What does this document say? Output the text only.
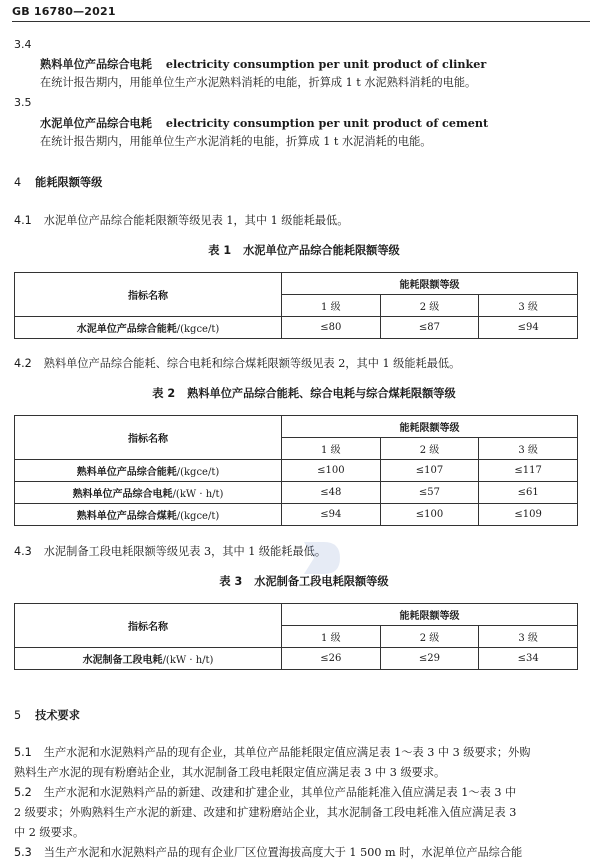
GB 16780—2021
3.4
熟料单位产品综合电耗 electricity consumption per unit product of clinker
在统计报告期内，用能单位生产水泥熟料消耗的电能，折算成 1 t 水泥熟料消耗的电能。
3.5
水泥单位产品综合电耗 electricity consumption per unit product of cement
在统计报告期内，用能单位生产水泥消耗的电能，折算成 1 t 水泥消耗的电能。
4 能耗限额等级
4.1 水泥单位产品综合能耗限额等级见表 1，其中 1 级能耗最低。
表 1 水泥单位产品综合能耗限额等级
指标名称	能耗限额等级		
	1 级	2 级	3 级
水泥单位产品综合能耗/(kgce/t)	≤80	≤87	≤94
4.2 熟料单位产品综合能耗、综合电耗和综合煤耗限额等级见表 2，其中 1 级能耗最低。
表 2 熟料单位产品综合能耗、综合电耗与综合煤耗限额等级
指标名称	能耗限额等级		
	1 级	2 级	3 级
熟料单位产品综合能耗/(kgce/t)	≤100	≤107	≤117
熟料单位产品综合电耗/(kW · h/t)	≤48	≤57	≤61
熟料单位产品综合煤耗/(kgce/t)	≤94	≤100	≤109
4.3 水泥制备工段电耗限额等级见表 3，其中 1 级能耗最低。
表 3 水泥制备工段电耗限额等级
指标名称	能耗限额等级		
	1 级	2 级	3 级
水泥制备工段电耗/(kW · h/t)	≤26	≤29	≤34
5 技术要求
5.1 生产水泥和水泥熟料产品的现有企业，其单位产品能耗限定值应满足表 1～表 3 中 3 级要求；外购
熟料生产水泥的现有粉磨站企业，其水泥制备工段电耗限定值应满足表 3 中 3 级要求。
5.2 生产水泥和水泥熟料产品的新建、改建和扩建企业，其单位产品能耗准入值应满足表 1～表 3 中
2 级要求；外购熟料生产水泥的新建、改建和扩建粉磨站企业，其水泥制备工段电耗准入值应满足表 3
中 2 级要求。
5.3 当生产水泥和水泥熟料产品的现有企业厂区位置海拔高度大于 1 500 m 时，水泥单位产品综合能
